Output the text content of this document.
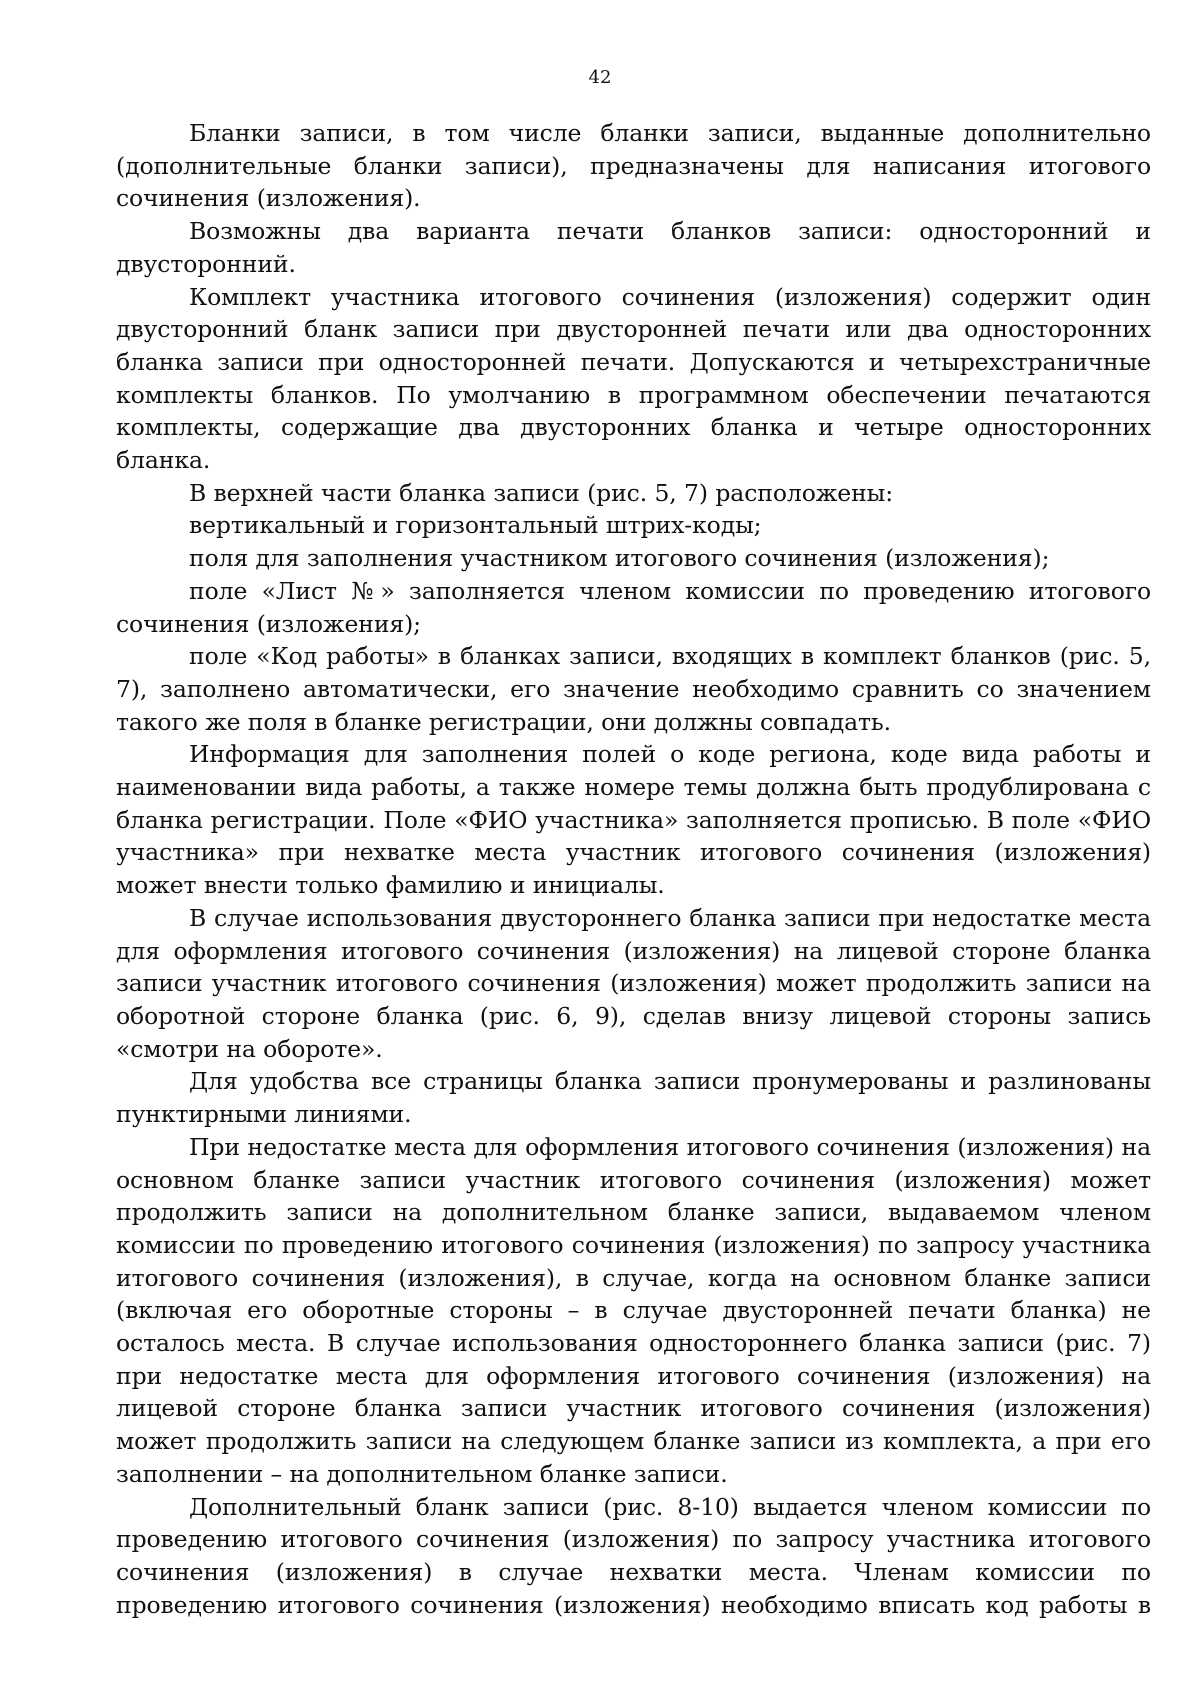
42

Бланки записи, в том числе бланки записи, выданные дополнительно (дополнительные бланки записи), предназначены для написания итогового сочинения (изложения).

Возможны два варианта печати бланков записи: односторонний и двусторонний.

Комплект участника итогового сочинения (изложения) содержит один двусторонний бланк записи при двусторонней печати или два односторонних бланка записи при односторонней печати. Допускаются и четырехстраничные комплекты бланков. По умолчанию в программном обеспечении печатаются комплекты, содержащие два двусторонних бланка и четыре односторонних бланка.

В верхней части бланка записи (рис. 5, 7) расположены:

вертикальный и горизонтальный штрих-коды;

поля для заполнения участником итогового сочинения (изложения);

поле «Лист №» заполняется членом комиссии по проведению итогового сочинения (изложения);

поле «Код работы» в бланках записи, входящих в комплект бланков (рис. 5, 7), заполнено автоматически, его значение необходимо сравнить со значением такого же поля в бланке регистрации, они должны совпадать.

Информация для заполнения полей о коде региона, коде вида работы и наименовании вида работы, а также номере темы должна быть продублирована с бланка регистрации. Поле «ФИО участника» заполняется прописью. В поле «ФИО участника» при нехватке места участник итогового сочинения (изложения) может внести только фамилию и инициалы.

В случае использования двустороннего бланка записи при недостатке места для оформления итогового сочинения (изложения) на лицевой стороне бланка записи участник итогового сочинения (изложения) может продолжить записи на оборотной стороне бланка (рис. 6, 9), сделав внизу лицевой стороны запись «смотри на обороте».

Для удобства все страницы бланка записи пронумерованы и разлинованы пунктирными линиями.

При недостатке места для оформления итогового сочинения (изложения) на основном бланке записи участник итогового сочинения (изложения) может продолжить записи на дополнительном бланке записи, выдаваемом членом комиссии по проведению итогового сочинения (изложения) по запросу участника итогового сочинения (изложения), в случае, когда на основном бланке записи (включая его оборотные стороны – в случае двусторонней печати бланка) не осталось места. В случае использования одностороннего бланка записи (рис. 7) при недостатке места для оформления итогового сочинения (изложения) на лицевой стороне бланка записи участник итогового сочинения (изложения) может продолжить записи на следующем бланке записи из комплекта, а при его заполнении – на дополнительном бланке записи.

Дополнительный бланк записи (рис. 8-10) выдается членом комиссии по проведению итогового сочинения (изложения) по запросу участника итогового сочинения (изложения) в случае нехватки места. Членам комиссии по проведению итогового сочинения (изложения) необходимо вписать код работы в
